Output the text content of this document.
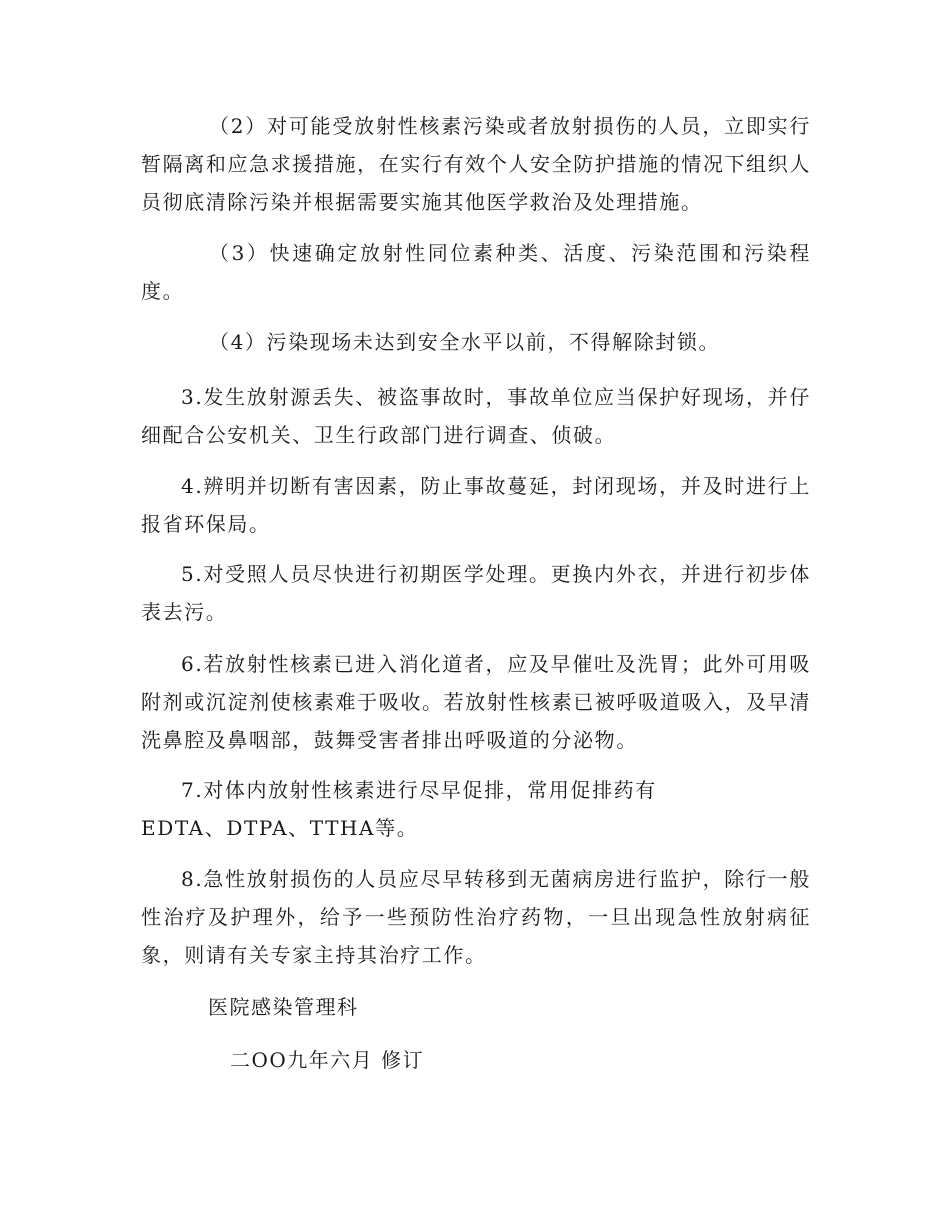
（2）对可能受放射性核素污染或者放射损伤的人员，立即实行暂隔离和应急求援措施，在实行有效个人安全防护措施的情况下组织人员彻底清除污染并根据需要实施其他医学救治及处理措施。

（3）快速确定放射性同位素种类、活度、污染范围和污染程度。

（4）污染现场未达到安全水平以前，不得解除封锁。

3.发生放射源丢失、被盗事故时，事故单位应当保护好现场，并仔细配合公安机关、卫生行政部门进行调查、侦破。

4.辨明并切断有害因素，防止事故蔓延，封闭现场，并及时进行上报省环保局。

5.对受照人员尽快进行初期医学处理。更换内外衣，并进行初步体表去污。

6.若放射性核素已进入消化道者，应及早催吐及洗胃；此外可用吸附剂或沉淀剂使核素难于吸收。若放射性核素已被呼吸道吸入，及早清洗鼻腔及鼻咽部，鼓舞受害者排出呼吸道的分泌物。

7.对体内放射性核素进行尽早促排，常用促排药有

EDTA、DTPA、TTHA等。

8.急性放射损伤的人员应尽早转移到无菌病房进行监护，除行一般性治疗及护理外，给予一些预防性治疗药物，一旦出现急性放射病征象，则请有关专家主持其治疗工作。

医院感染管理科

二OO九年六月 修订
